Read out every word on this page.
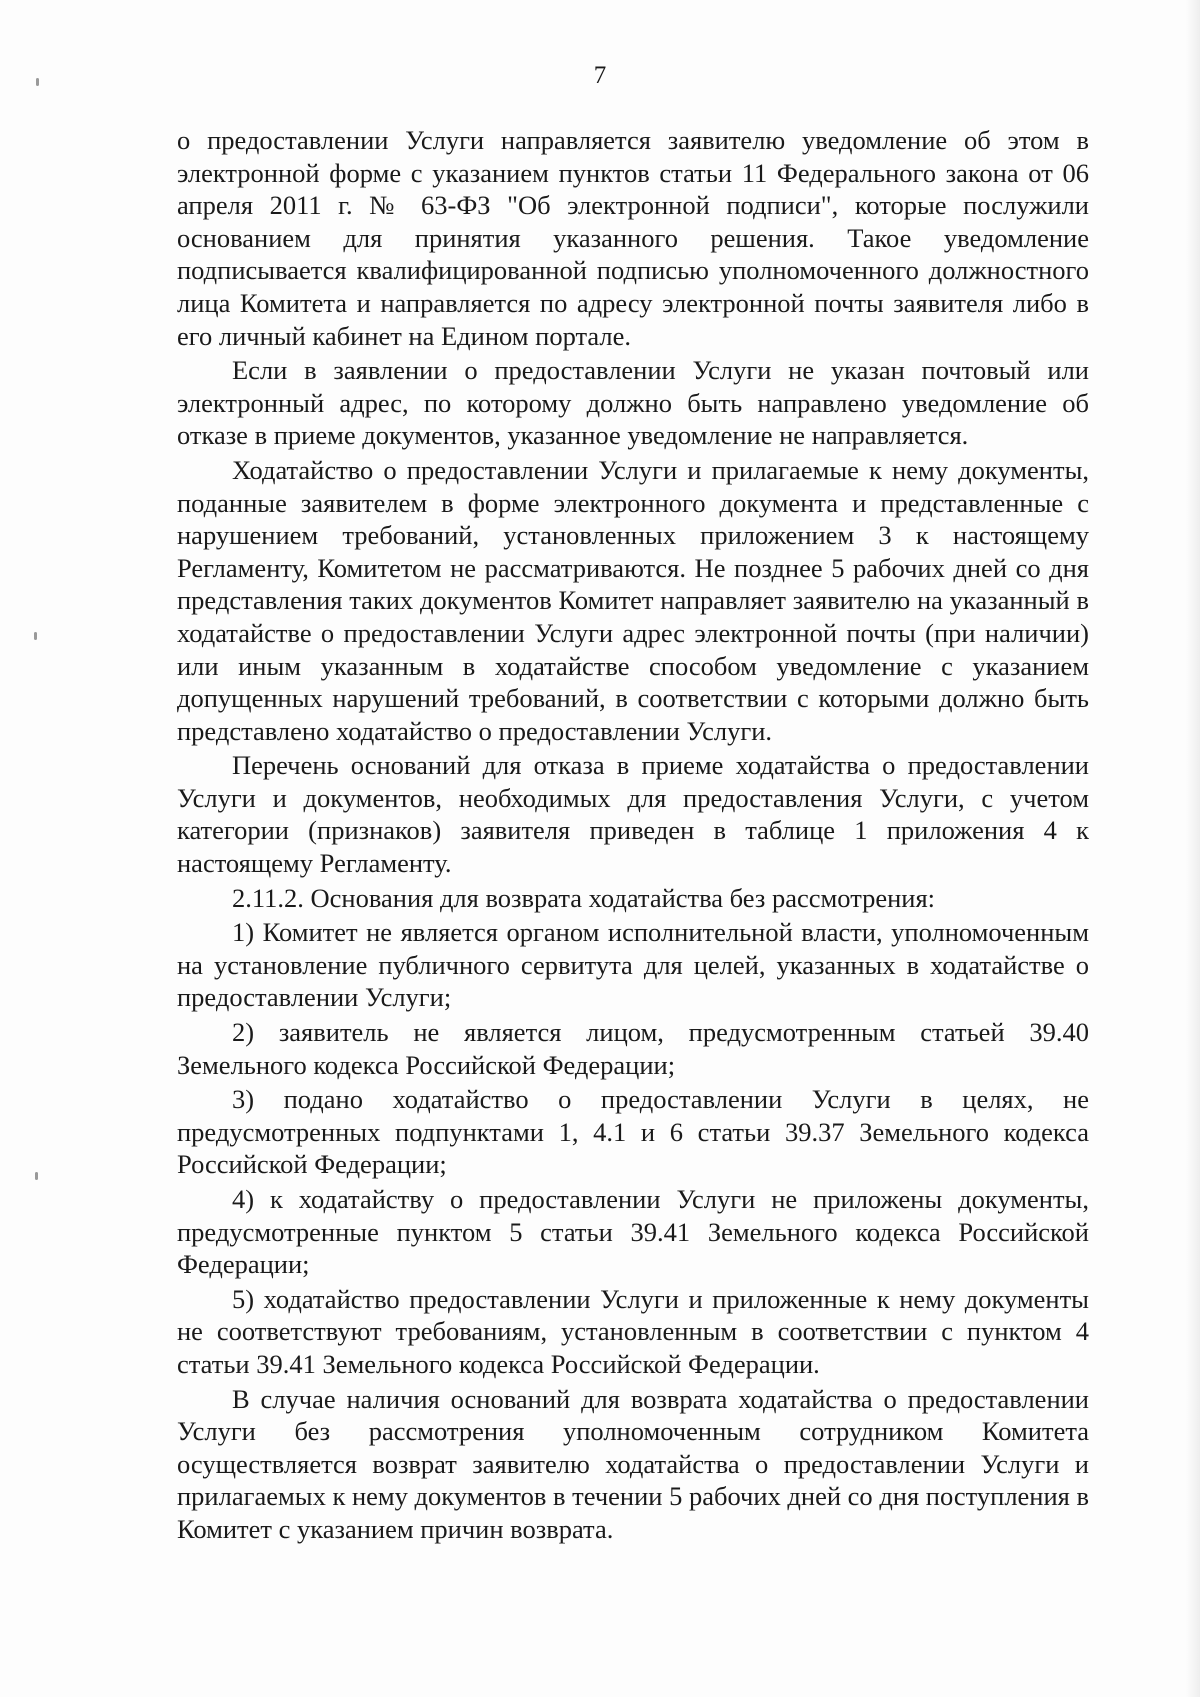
7

о предоставлении Услуги направляется заявителю уведомление об этом в электронной форме с указанием пунктов статьи 11 Федерального закона от 06 апреля 2011 г. № 63-ФЗ "Об электронной подписи", которые послужили основанием для принятия указанного решения. Такое уведомление подписывается квалифицированной подписью уполномоченного должностного лица Комитета и направляется по адресу электронной почты заявителя либо в его личный кабинет на Едином портале.

Если в заявлении о предоставлении Услуги не указан почтовый или электронный адрес, по которому должно быть направлено уведомление об отказе в приеме документов, указанное уведомление не направляется.

Ходатайство о предоставлении Услуги и прилагаемые к нему документы, поданные заявителем в форме электронного документа и представленные с нарушением требований, установленных приложением 3 к настоящему Регламенту, Комитетом не рассматриваются. Не позднее 5 рабочих дней со дня представления таких документов Комитет направляет заявителю на указанный в ходатайстве о предоставлении Услуги адрес электронной почты (при наличии) или иным указанным в ходатайстве способом уведомление с указанием допущенных нарушений требований, в соответствии с которыми должно быть представлено ходатайство о предоставлении Услуги.

Перечень оснований для отказа в приеме ходатайства о предоставлении Услуги и документов, необходимых для предоставления Услуги, с учетом категории (признаков) заявителя приведен в таблице 1 приложения 4 к настоящему Регламенту.

2.11.2. Основания для возврата ходатайства без рассмотрения:

1) Комитет не является органом исполнительной власти, уполномоченным на установление публичного сервитута для целей, указанных в ходатайстве о предоставлении Услуги;

2) заявитель не является лицом, предусмотренным статьей 39.40 Земельного кодекса Российской Федерации;

3) подано ходатайство о предоставлении Услуги в целях, не предусмотренных подпунктами 1, 4.1 и 6 статьи 39.37 Земельного кодекса Российской Федерации;

4) к ходатайству о предоставлении Услуги не приложены документы, предусмотренные пунктом 5 статьи 39.41 Земельного кодекса Российской Федерации;

5) ходатайство предоставлении Услуги и приложенные к нему документы не соответствуют требованиям, установленным в соответствии с пунктом 4 статьи 39.41 Земельного кодекса Российской Федерации.

В случае наличия оснований для возврата ходатайства о предоставлении Услуги без рассмотрения уполномоченным сотрудником Комитета осуществляется возврат заявителю ходатайства о предоставлении Услуги и прилагаемых к нему документов в течении 5 рабочих дней со дня поступления в Комитет с указанием причин возврата.
